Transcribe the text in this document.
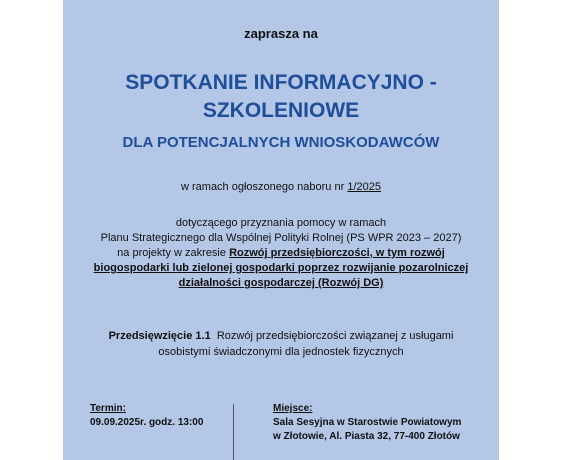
zaprasza na
SPOTKANIE INFORMACYJNO -
SZKOLENIOWE
DLA POTENCJALNYCH WNIOSKODAWCÓW
w ramach ogłoszonego naboru nr 1/2025
dotyczącego przyznania pomocy w ramach
Planu Strategicznego dla Wspólnej Polityki Rolnej (PS WPR 2023 – 2027)
na projekty w zakresie Rozwój przedsiębiorczości, w tym rozwój
biogospodarki lub zielonej gospodarki poprzez rozwijanie pozarolniczej
działalności gospodarczej (Rozwój DG)
Przedsięwzięcie 1.1  Rozwój przedsiębiorczości związanej z usługami
osobistymi świadczonymi dla jednostek fizycznych
Termin:
09.09.2025r. godz. 13:00
Miejsce:
Sala Sesyjna w Starostwie Powiatowym
w Złotowie, Al. Piasta 32, 77-400 Złotów
